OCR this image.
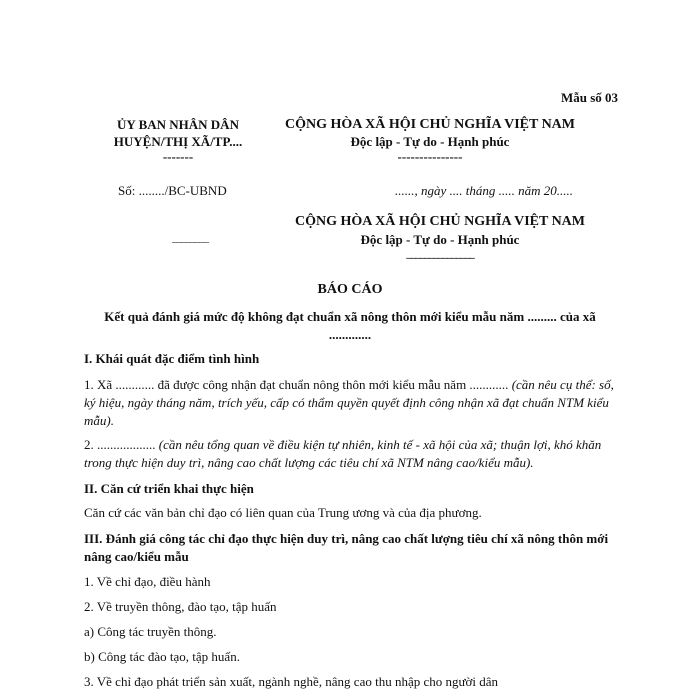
Mẫu số 03
ỦY BAN NHÂN DÂN
HUYỆN/THỊ XÃ/TP....
-------
CỘNG HÒA XÃ HỘI CHỦ NGHĨA VIỆT NAM
Độc lập - Tự do - Hạnh phúc
---------------
Số: ......../BC-UBND	......, ngày .... tháng ..... năm 20.....
________
CỘNG HÒA XÃ HỘI CHỦ NGHĨA VIỆT NAM
Độc lập - Tự do - Hạnh phúc
_______________
BÁO CÁO
Kết quả đánh giá mức độ không đạt chuẩn xã nông thôn mới kiểu mẫu năm ......... của xã .............
I. Khái quát đặc điểm tình hình
1. Xã ............ đã được công nhận đạt chuẩn nông thôn mới kiểu mẫu năm ............ (cần nêu cụ thể: số, ký hiệu, ngày tháng năm, trích yếu, cấp có thẩm quyền quyết định công nhận xã đạt chuẩn NTM kiểu mẫu).
2. .................. (cần nêu tổng quan về điều kiện tự nhiên, kinh tế - xã hội của xã; thuận lợi, khó khăn trong thực hiện duy trì, nâng cao chất lượng các tiêu chí xã NTM nâng cao/kiểu mẫu).
II. Căn cứ triển khai thực hiện
Căn cứ các văn bản chỉ đạo có liên quan của Trung ương và của địa phương.
III. Đánh giá công tác chỉ đạo thực hiện duy trì, nâng cao chất lượng tiêu chí xã nông thôn mới nâng cao/kiểu mẫu
1. Về chỉ đạo, điều hành
2. Về truyền thông, đào tạo, tập huấn
a) Công tác truyền thông.
b) Công tác đào tạo, tập huấn.
3. Về chỉ đạo phát triển sản xuất, ngành nghề, nâng cao thu nhập cho người dân
